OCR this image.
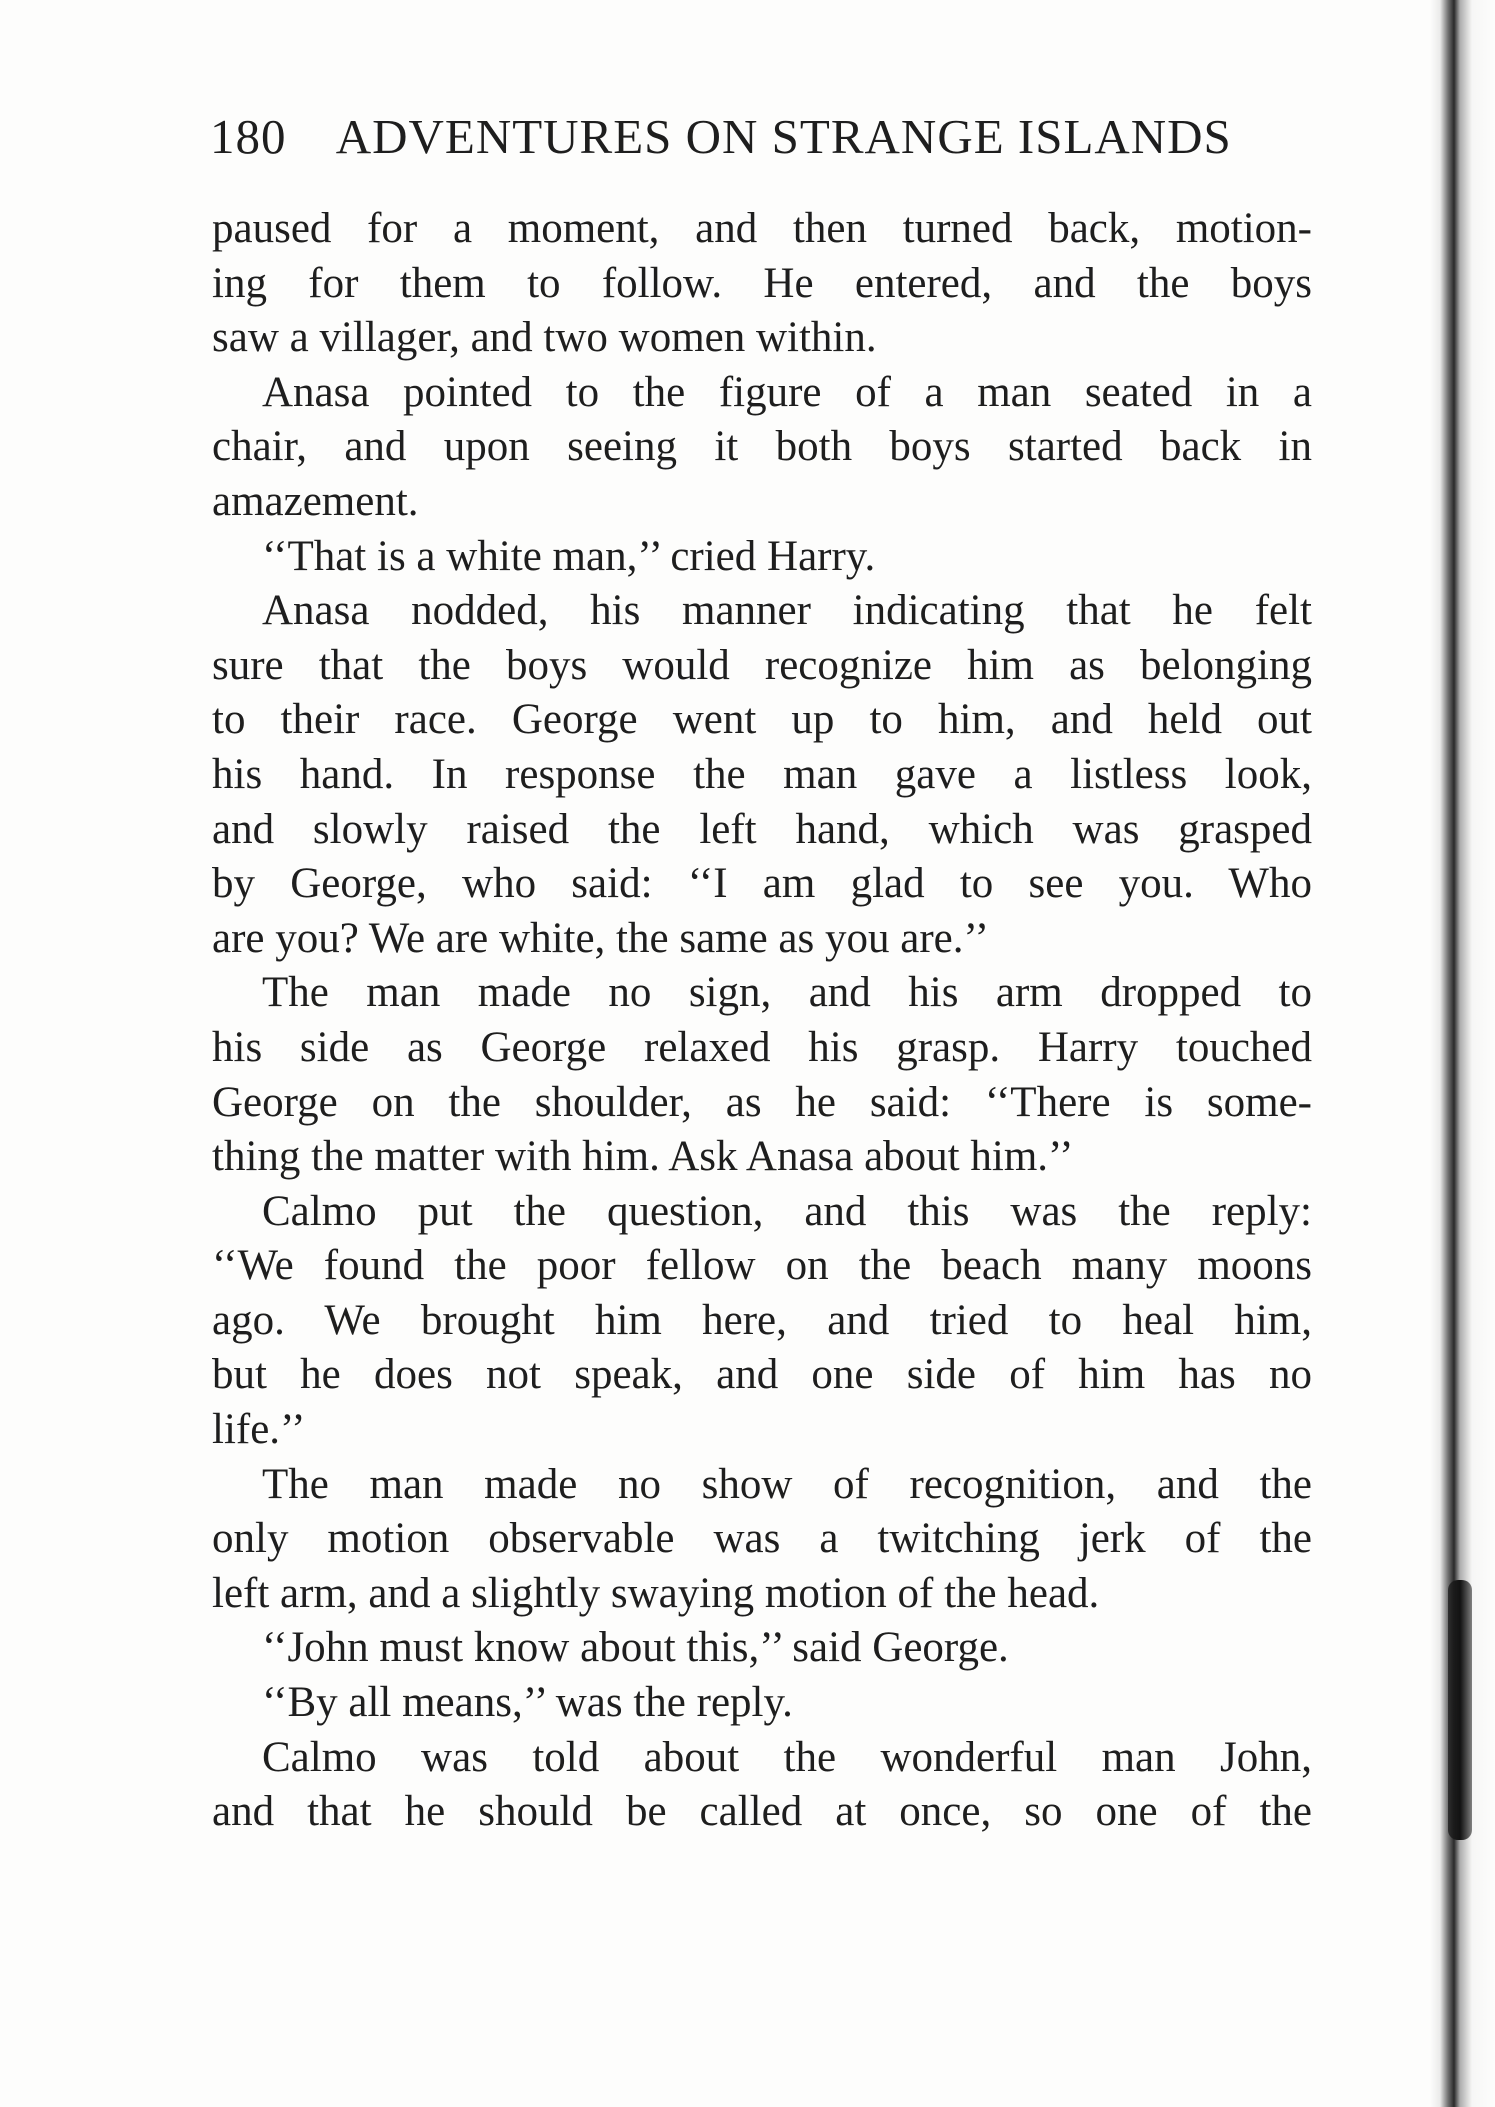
180 ADVENTURES ON STRANGE ISLANDS
paused for a moment, and then turned back, motion-
ing for them to follow. He entered, and the boys
saw a villager, and two women within.
Anasa pointed to the figure of a man seated in a
chair, and upon seeing it both boys started back in
amazement.
‘‘That is a white man,’’ cried Harry.
Anasa nodded, his manner indicating that he felt
sure that the boys would recognize him as belonging
to their race. George went up to him, and held out
his hand. In response the man gave a listless look,
and slowly raised the left hand, which was grasped
by George, who said: ‘‘I am glad to see you. Who
are you? We are white, the same as you are.’’
The man made no sign, and his arm dropped to
his side as George relaxed his grasp. Harry touched
George on the shoulder, as he said: ‘‘There is some-
thing the matter with him. Ask Anasa about him.’’
Calmo put the question, and this was the reply:
‘‘We found the poor fellow on the beach many moons
ago. We brought him here, and tried to heal him,
but he does not speak, and one side of him has no
life.’’
The man made no show of recognition, and the
only motion observable was a twitching jerk of the
left arm, and a slightly swaying motion of the head.
‘‘John must know about this,’’ said George.
‘‘By all means,’’ was the reply.
Calmo was told about the wonderful man John,
and that he should be called at once, so one of the
